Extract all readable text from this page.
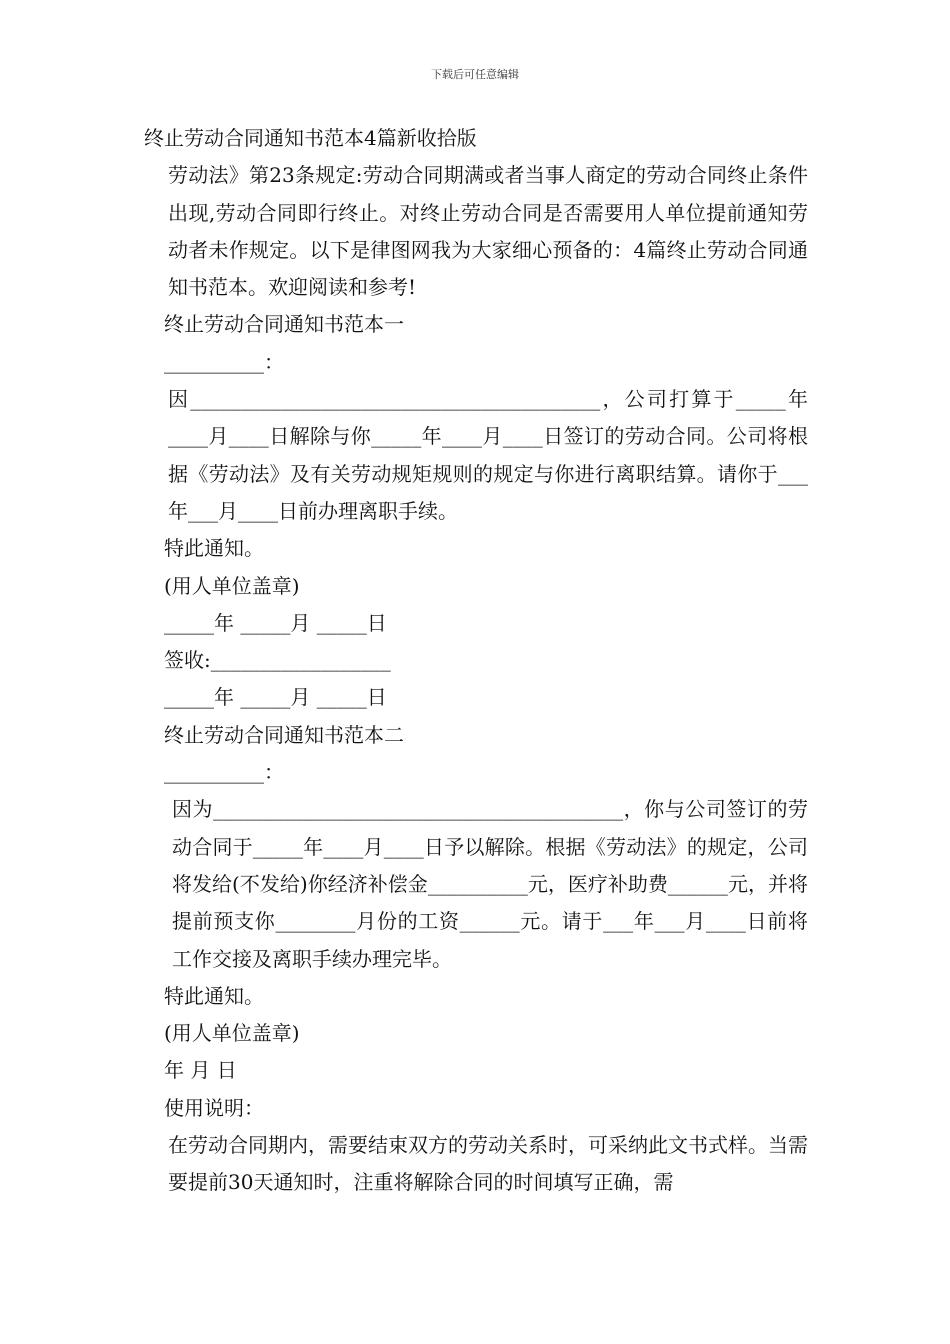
下载后可任意编辑

终止劳动合同通知书范本4篇新收拾版

劳动法》第23条规定:劳动合同期满或者当事人商定的劳动合同终止条件出现,劳动合同即行终止。对终止劳动合同是否需要用人单位提前通知劳动者未作规定。以下是律图网我为大家细心预备的：4篇终止劳动合同通知书范本。欢迎阅读和参考!

终止劳动合同通知书范本一

__________：

因_________________________________________，公司打算于_____年____月____日解除与你_____年____月____日签订的劳动合同。公司将根据《劳动法》及有关劳动规矩规则的规定与你进行离职结算。请你于___年___月____日前办理离职手续。

特此通知。

(用人单位盖章)

_____年 _____月 _____日

签收:__________________

_____年 _____月 _____日

终止劳动合同通知书范本二

__________：

因为_________________________________________，你与公司签订的劳动合同于_____年____月____日予以解除。根据《劳动法》的规定，公司将发给(不发给)你经济补偿金__________元，医疗补助费______元，并将提前预支你________月份的工资______元。请于___年___月____日前将工作交接及离职手续办理完毕。

特此通知。

(用人单位盖章)

年 月 日

使用说明：

在劳动合同期内，需要结束双方的劳动关系时，可采纳此文书式样。当需要提前30天通知时，注重将解除合同的时间填写正确，需
